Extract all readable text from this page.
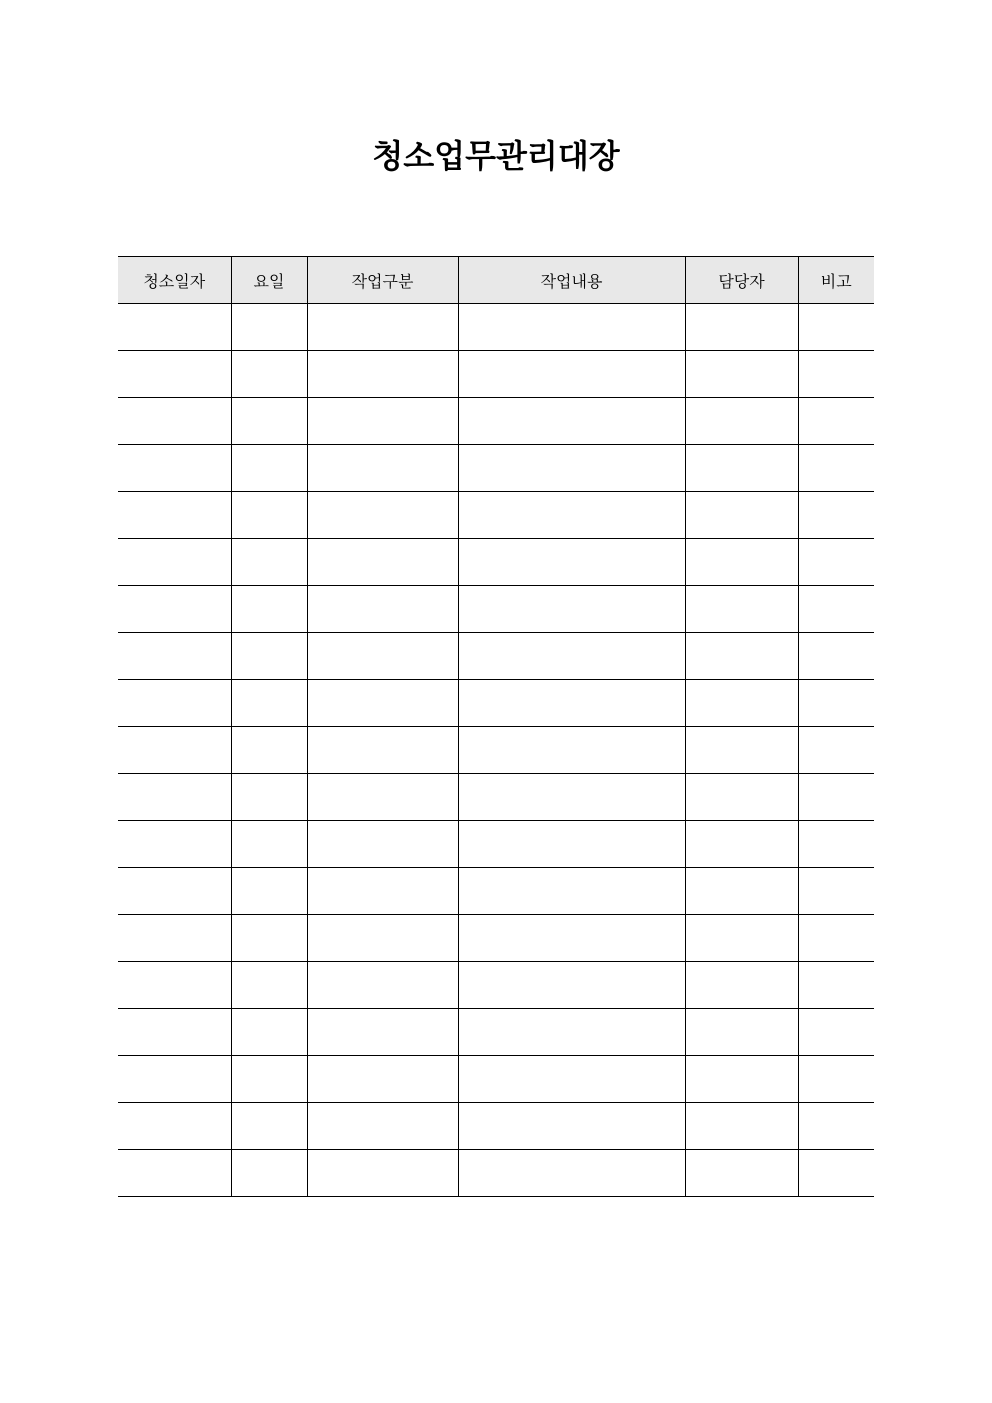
청소업무관리대장
청소일자	요일	작업구분	작업내용	담당자	비고
